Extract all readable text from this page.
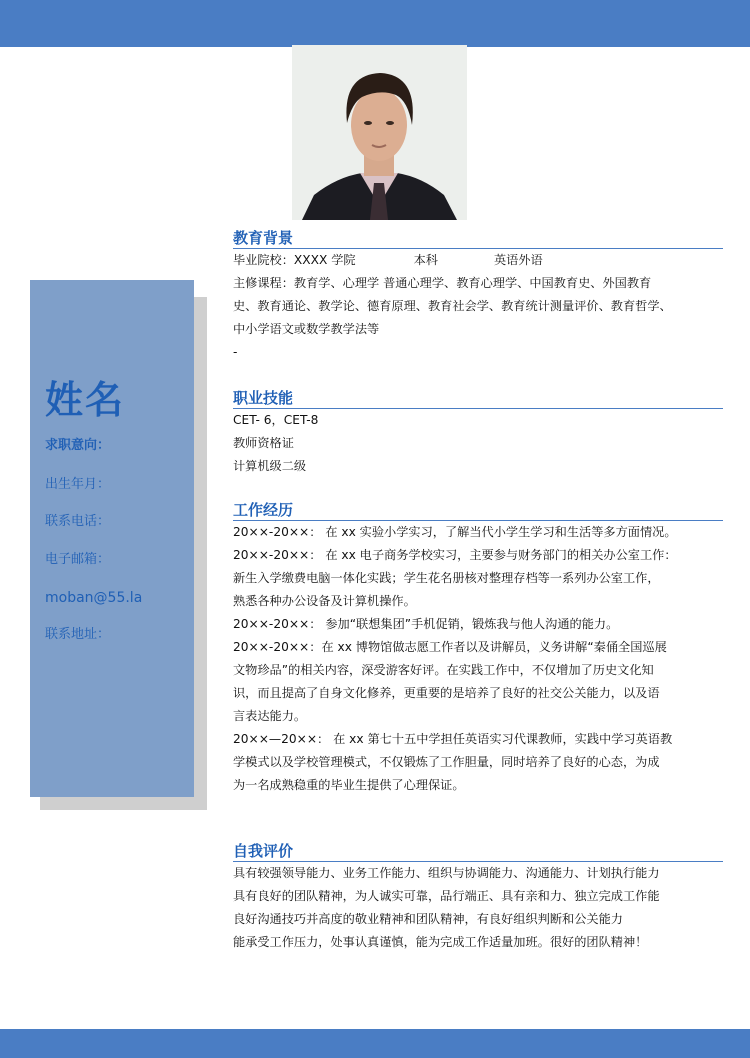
姓名
求职意向：
出生年月：
联系电话：
电子邮箱：
moban@55.la
联系地址：
教育背景
毕业院校：XXXX 学院	本科	英语外语
主修课程：教育学、心理学 普通心理学、教育心理学、中国教育史、外国教育
史、教育通论、教学论、德育原理、教育社会学、教育统计测量评价、教育哲学、
中小学语文或数学教学法等
-
职业技能
CET- 6，CET-8
教师资格证
计算机级二级
工作经历
20××-20××： 在 xx 实验小学实习，了解当代小学生学习和生活等多方面情况。
20××-20××： 在 xx 电子商务学校实习，主要参与财务部门的相关办公室工作：
新生入学缴费电脑一体化实践；学生花名册核对整理存档等一系列办公室工作，
熟悉各种办公设备及计算机操作。
20××-20××： 参加“联想集团”手机促销，锻炼我与他人沟通的能力。
20××-20××：在 xx 博物馆做志愿工作者以及讲解员，义务讲解“秦俑全国巡展
文物珍品”的相关内容，深受游客好评。在实践工作中，不仅增加了历史文化知
识，而且提高了自身文化修养，更重要的是培养了良好的社交公关能力，以及语
言表达能力。
20××—20××： 在 xx 第七十五中学担任英语实习代课教师，实践中学习英语教
学模式以及学校管理模式，不仅锻炼了工作胆量，同时培养了良好的心态，为成
为一名成熟稳重的毕业生提供了心理保证。
自我评价
具有较强领导能力、业务工作能力、组织与协调能力、沟通能力、计划执行能力
具有良好的团队精神，为人诚实可靠，品行端正、具有亲和力、独立完成工作能
良好沟通技巧并高度的敬业精神和团队精神，有良好组织判断和公关能力
能承受工作压力，处事认真谨慎，能为完成工作适量加班。很好的团队精神！
